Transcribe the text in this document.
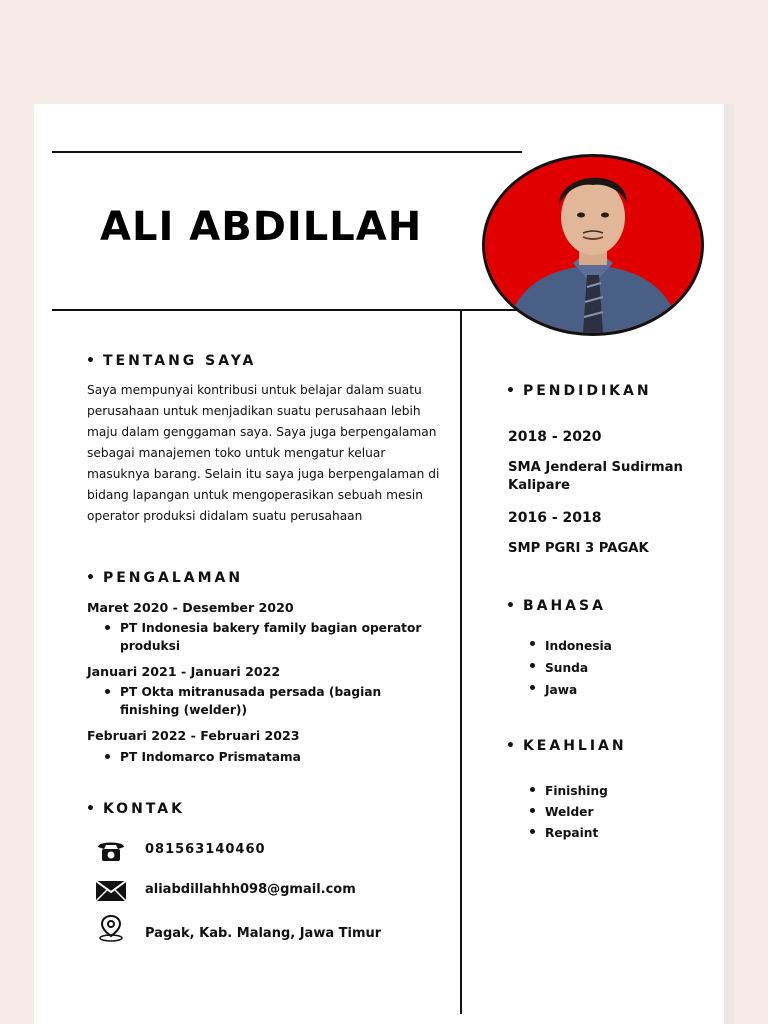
ALI ABDILLAH
• TENTANG SAYA

Saya mempunyai kontribusi untuk belajar dalam suatu perusahaan untuk menjadikan suatu perusahaan lebih maju dalam genggaman saya. Saya juga berpengalaman sebagai manajemen toko untuk mengatur keluar masuknya barang. Selain itu saya juga berpengalaman di bidang lapangan untuk mengoperasikan sebuah mesin operator produksi didalam suatu perusahaan

• PENGALAMAN

Maret 2020 - Desember 2020

PT Indonesia bakery family bagian operator produksi

Januari 2021 - Januari 2022

PT Okta mitranusada persada (bagian finishing (welder))

Februari 2022 - Februari 2023

PT Indomarco Prismatama
• KONTAK

081563140460

aliabdillahhh098@gmail.com

Pagak, Kab. Malang, Jawa Timur

• PENDIDIKAN

2018 - 2020

SMA Jenderal Sudirman Kalipare

2016 - 2018

SMP PGRI 3 PAGAK

• BAHASA
Indonesia
Sunda
Jawa
• KEAHLIAN
Finishing
Welder
Repaint
